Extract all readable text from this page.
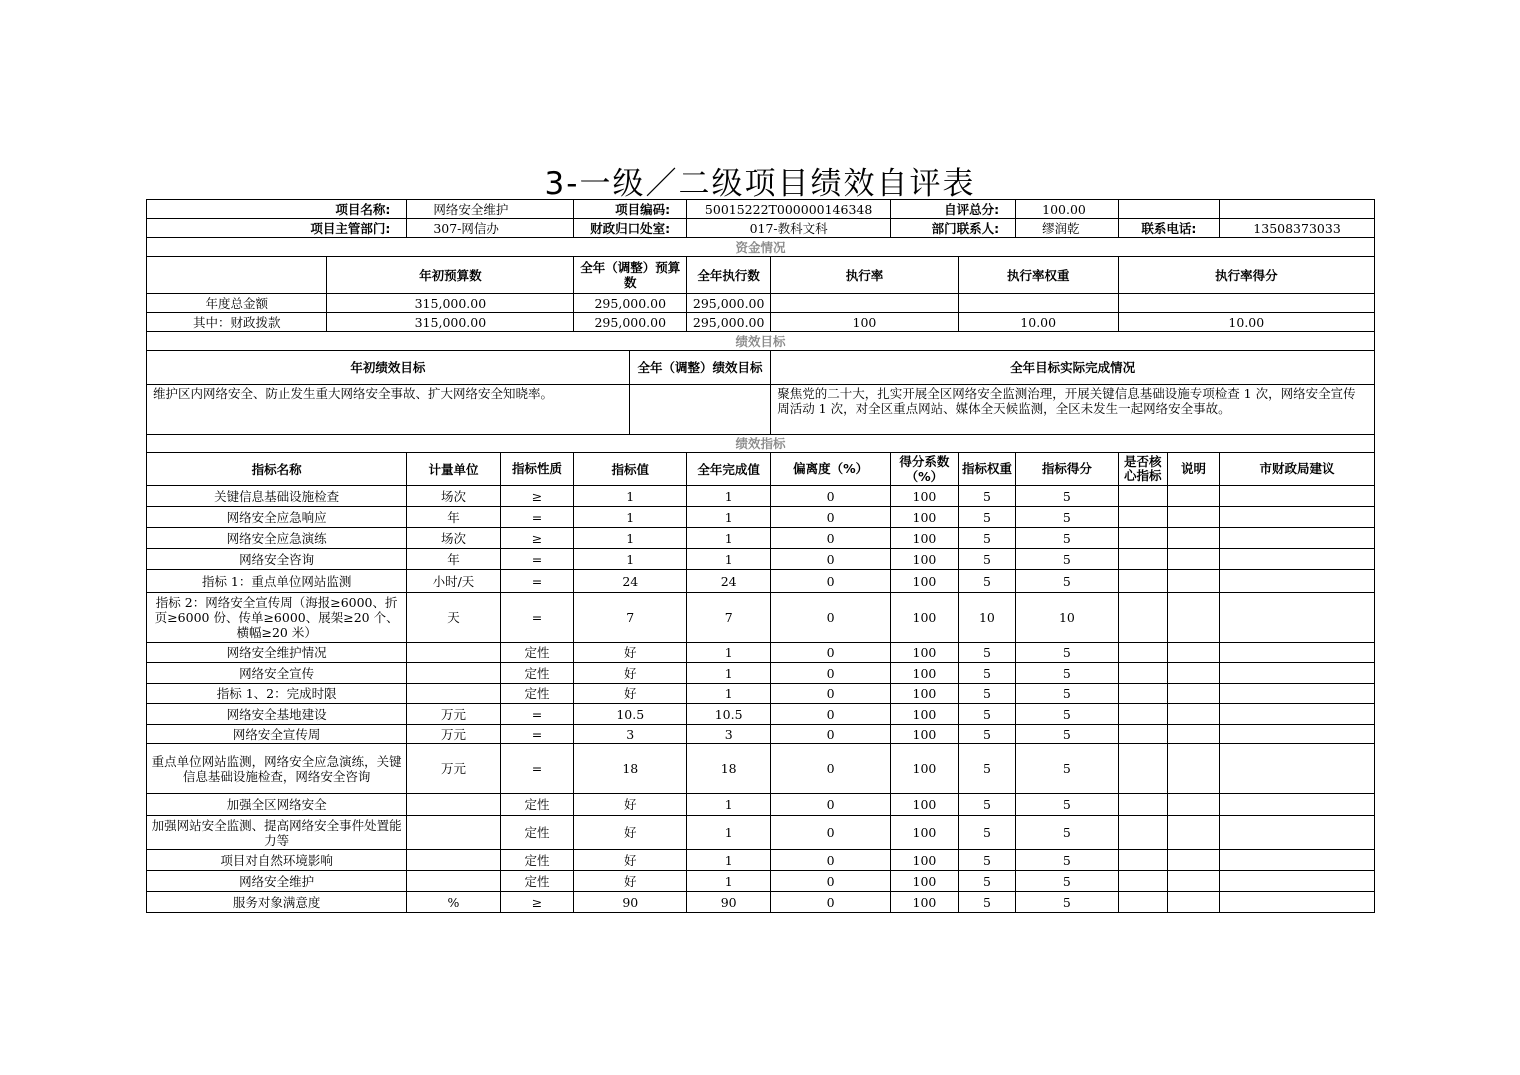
3-一级／二级项目绩效自评表
项目名称:		网络安全维护		项目编码:		50015222T000000146348		自评总分:		100.00			
项目主管部门:		307-网信办		财政归口处室:		017-教科文科		部门联系人:		缪润乾	联系电话:		13508373033
资金情况													
	年初预算数			全年（调整）预算数		全年执行数	执行率		执行率权重		执行率得分		
年度总金额	315,000.00			295,000.00		295,000.00							
其中：财政拨款	315,000.00			295,000.00		295,000.00	100		10.00		10.00		
绩效目标													
年初绩效目标					全年（调整）绩效目标		全年目标实际完成情况						
维护区内网络安全、防止发生重大网络安全事故、扩大网络安全知晓率。							聚焦党的二十大，扎实开展全区网络安全监测治理，开展关键信息基础设施专项检查 1 次，网络安全宣传周活动 1 次，对全区重点网站、媒体全天候监测，全区未发生一起网络安全事故。						
绩效指标													
指标名称		计量单位	指标性质	指标值		全年完成值	偏离度（%）	得分系数（%）	指标权重	指标得分	是否核心指标	说明	市财政局建议
关键信息基础设施检查		场次	≥	1		1	0	100	5	5			
网络安全应急响应		年	=	1		1	0	100	5	5			
网络安全应急演练		场次	≥	1		1	0	100	5	5			
网络安全咨询		年	=	1		1	0	100	5	5			
指标 1：重点单位网站监测		小时/天	=	24		24	0	100	5	5			
指标 2：网络安全宣传周（海报≥6000、折页≥6000 份、传单≥6000、展架≥20 个、横幅≥20 米）		天	=	7		7	0	100	10	10			
网络安全维护情况			定性	好		1	0	100	5	5			
网络安全宣传			定性	好		1	0	100	5	5			
指标 1、2：完成时限			定性	好		1	0	100	5	5			
网络安全基地建设		万元	=	10.5		10.5	0	100	5	5			
网络安全宣传周		万元	=	3		3	0	100	5	5			
重点单位网站监测，网络安全应急演练，关键信息基础设施检查，网络安全咨询		万元	=	18		18	0	100	5	5			
加强全区网络安全			定性	好		1	0	100	5	5			
加强网站安全监测、提高网络安全事件处置能力等			定性	好		1	0	100	5	5			
项目对自然环境影响			定性	好		1	0	100	5	5			
网络安全维护			定性	好		1	0	100	5	5			
服务对象满意度		%	≥	90		90	0	100	5	5			
